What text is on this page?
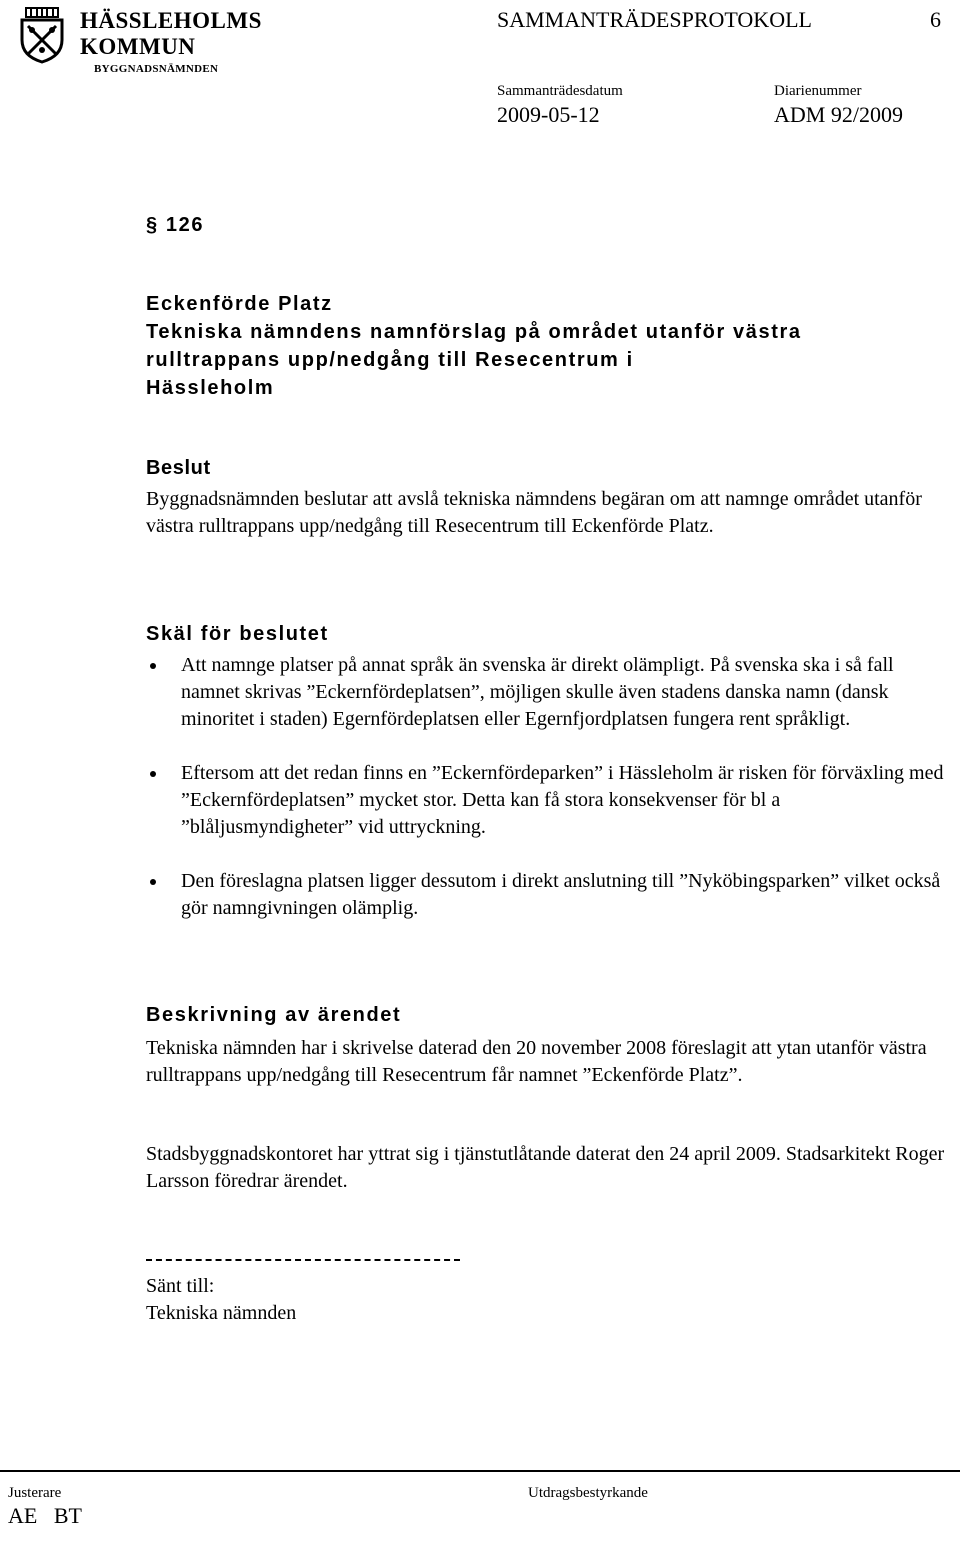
HÄSSLEHOLMS
KOMMUN
BYGGNADSNÄMNDEN
SAMMANTRÄDESPROTOKOLL	6
Sammanträdesdatum
2009-05-12
Diarienummer
ADM 92/2009
§ 126
Eckenförde Platz
Tekniska nämndens namnförslag på området utanför västra
rulltrappans upp/nedgång till Resecentrum i
Hässleholm
Beslut
Byggnadsnämnden beslutar att avslå tekniska nämndens begäran om att namnge området utanför västra rulltrappans upp/nedgång till Resecentrum till Eckenförde Platz.
Skäl för beslutet
Att namnge platser på annat språk än svenska är direkt olämpligt. På svenska ska i så fall namnet skrivas ”Eckernfördeplatsen”, möjligen skulle även stadens danska namn (dansk minoritet i staden) Egernfördeplatsen eller Egernfjordplatsen fungera rent språkligt.
Eftersom att det redan finns en ”Eckernfördeparken” i Hässleholm är risken för förväxling med ”Eckernfördeplatsen” mycket stor. Detta kan få stora konsekvenser för bl a ”blåljusmyndigheter” vid uttryckning.
Den föreslagna platsen ligger dessutom i direkt anslutning till ”Nyköbingsparken” vilket också gör namngivningen olämplig.
Beskrivning av ärendet
Tekniska nämnden har i skrivelse daterad den 20 november 2008 föreslagit att ytan utanför västra rulltrappans upp/nedgång till Resecentrum får namnet ”Eckenförde Platz”.
Stadsbyggnadskontoret har yttrat sig i tjänstutlåtande daterat den 24 april 2009. Stadsarkitekt Roger Larsson föredrar ärendet.
Sänt till:
Tekniska nämnden
Justerare
AE   BT
Utdragsbestyrkande
